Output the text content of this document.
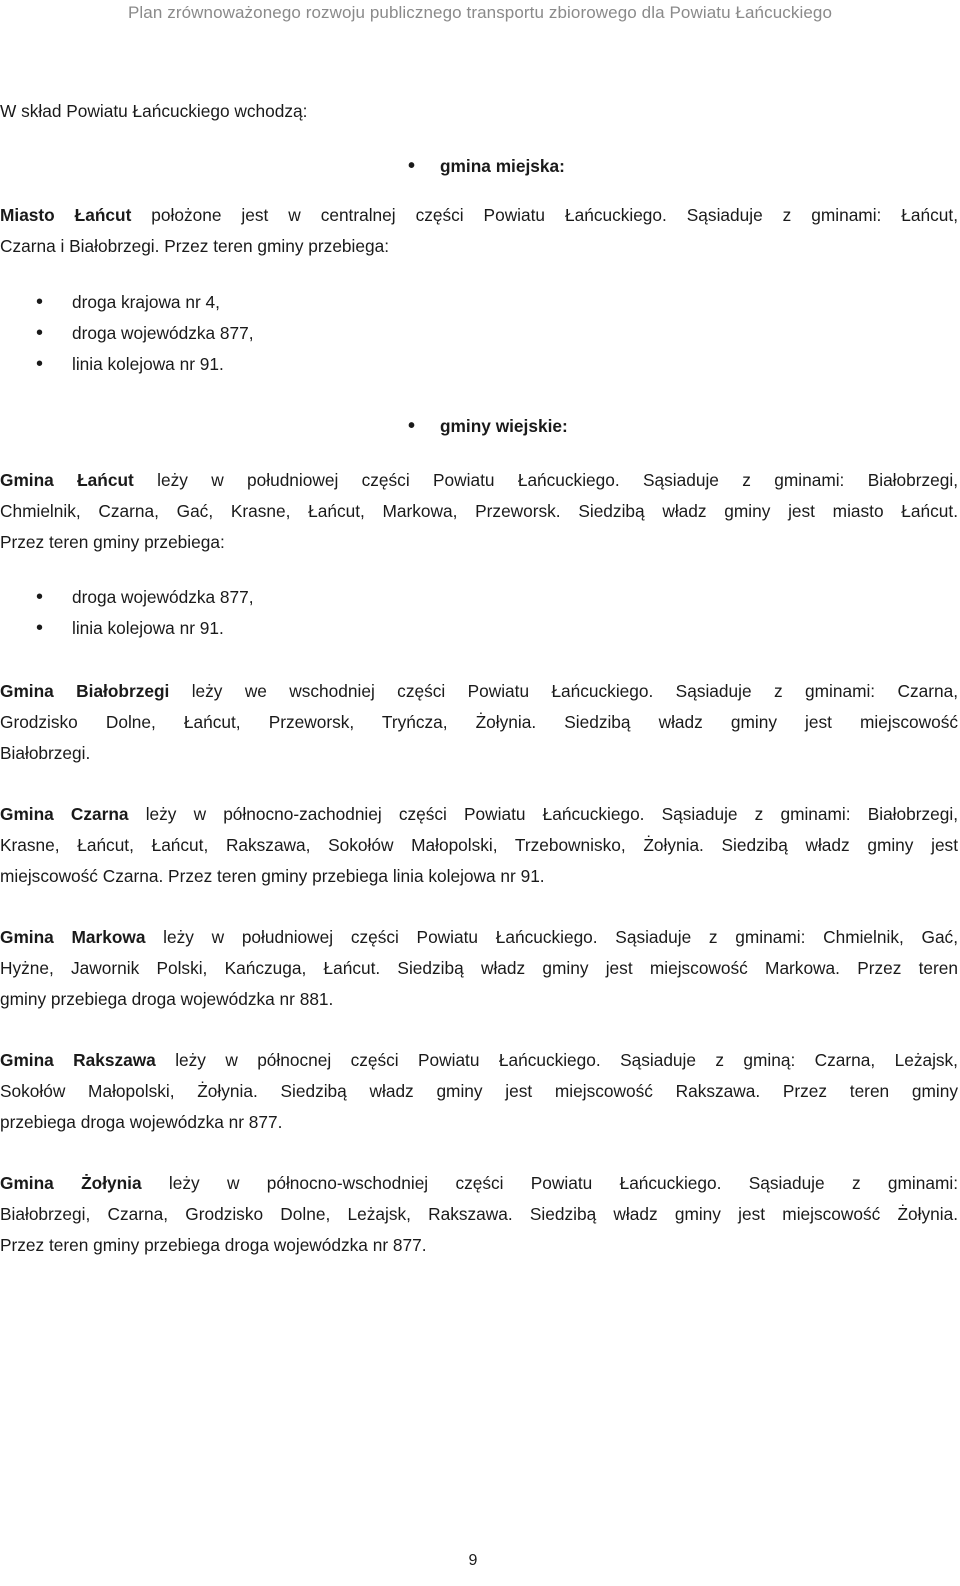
Plan zrównoważonego rozwoju publicznego transportu zbiorowego dla Powiatu Łańcuckiego

W skład Powiatu Łańcuckiego wchodzą:

• gmina miejska:

Miasto Łańcut położone jest w centralnej części Powiatu Łańcuckiego. Sąsiaduje z gminami: Łańcut,

Czarna i Białobrzegi. Przez teren gminy przebiega:

• droga krajowa nr 4,
• droga wojewódzka 877,
• linia kolejowa nr 91.
• gminy wiejskie:

Gmina Łańcut leży w południowej części Powiatu Łańcuckiego. Sąsiaduje z gminami: Białobrzegi,

Chmielnik, Czarna, Gać, Krasne, Łańcut, Markowa, Przeworsk. Siedzibą władz gminy jest miasto Łańcut.

Przez teren gminy przebiega:

• droga wojewódzka 877,
• linia kolejowa nr 91.

Gmina Białobrzegi leży we wschodniej części Powiatu Łańcuckiego. Sąsiaduje z gminami: Czarna,

Grodzisko Dolne, Łańcut, Przeworsk, Tryńcza, Żołynia. Siedzibą władz gminy jest miejscowość

Białobrzegi.

Gmina Czarna leży w północno-zachodniej części Powiatu Łańcuckiego. Sąsiaduje z gminami: Białobrzegi,

Krasne, Łańcut, Łańcut, Rakszawa, Sokołów Małopolski, Trzebownisko, Żołynia. Siedzibą władz gminy jest

miejscowość Czarna. Przez teren gminy przebiega linia kolejowa nr 91.

Gmina Markowa leży w południowej części Powiatu Łańcuckiego. Sąsiaduje z gminami: Chmielnik, Gać,

Hyżne, Jawornik Polski, Kańczuga, Łańcut. Siedzibą władz gminy jest miejscowość Markowa. Przez teren

gminy przebiega droga wojewódzka nr 881.

Gmina Rakszawa leży w północnej części Powiatu Łańcuckiego. Sąsiaduje z gminą: Czarna, Leżajsk,

Sokołów Małopolski, Żołynia. Siedzibą władz gminy jest miejscowość Rakszawa. Przez teren gminy

przebiega droga wojewódzka nr 877.

Gmina Żołynia leży w północno-wschodniej części Powiatu Łańcuckiego. Sąsiaduje z gminami:

Białobrzegi, Czarna, Grodzisko Dolne, Leżajsk, Rakszawa. Siedzibą władz gminy jest miejscowość Żołynia.

Przez teren gminy przebiega droga wojewódzka nr 877.

9
